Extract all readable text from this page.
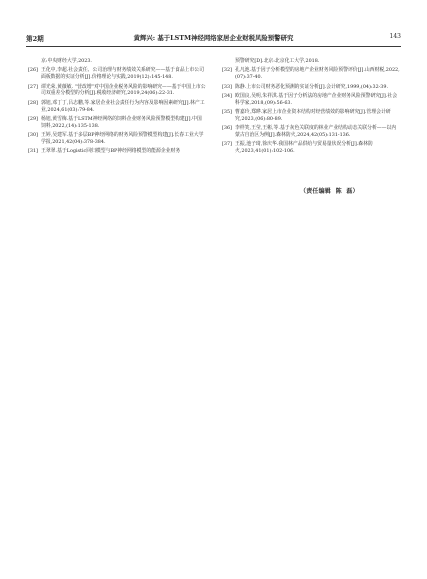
第2期	黄辉兴: 基于LSTM神经网络家居企业财税风险预警研究	143
京:中央财经大学,2023.
[26] 王化中,李超.社会责任、公司治理与财务绩效关系研究——基于食品上市公司面板数据的实证分析[J].价格理论与实践,2019(12):145-148.
[27] 谭光荣,黄薇敏. “营改增”对中国企业税务风险的影响研究——基于中国上市公司双重差分模型的分析[J].税收经济研究,2019,24(06):22-31.
[28] 郭旭,邓丁丁,吕志鹏,等.家居企业社会责任行为内容及影响因素研究[J].林产工业,2024,61(03):79-84.
[29] 杨旭,黄雪梅.基于LSTM神经网络的饲料企业财务风险预警模型构建[J].中国饲料,2022,(14):135-138.
[30] 王婷,吴建军.基于多层BP神经网络的财务风险预警模型构建[J].长春工业大学学报,2021,42(04):378-384.
[31] 王翠翠.基于Logistic回归模型与BP神经网络模型的能源企业财务
预警研究[D].北京:北京化工大学,2018.
[32] 孔凡池.基于因子分析模型的房地产企业财务风险预警评价[J].山西财税,2022,(07):37-40.
[33] 陈静.上市公司财务恶化预测的实证分析[J].会计研究,1999,(04):32-39.
[34] 欧国良,吴明,朱祥淇.基于因子分析法的房地产企业财务风险预警研究[J].社会科学家,2018,(09):56-63.
[35] 曹嘉玲,郑晔.家居上市企业资本结构对经营绩效的影响研究[J].管理会计研究,2023,(06):80-89.
[36] 李样笑,王莹,王彬,等.基于灰色关联度的林业产业结构动态关联分析——以内蒙古自治区为例[J].森林防火,2024,42(05):131-136.
[37] 王振,池子琦,徐庆华.我国林产品供给与贸易量状况分析[J].森林防火,2023,41(01):102-106.
（责任编辑  陈  磊）
